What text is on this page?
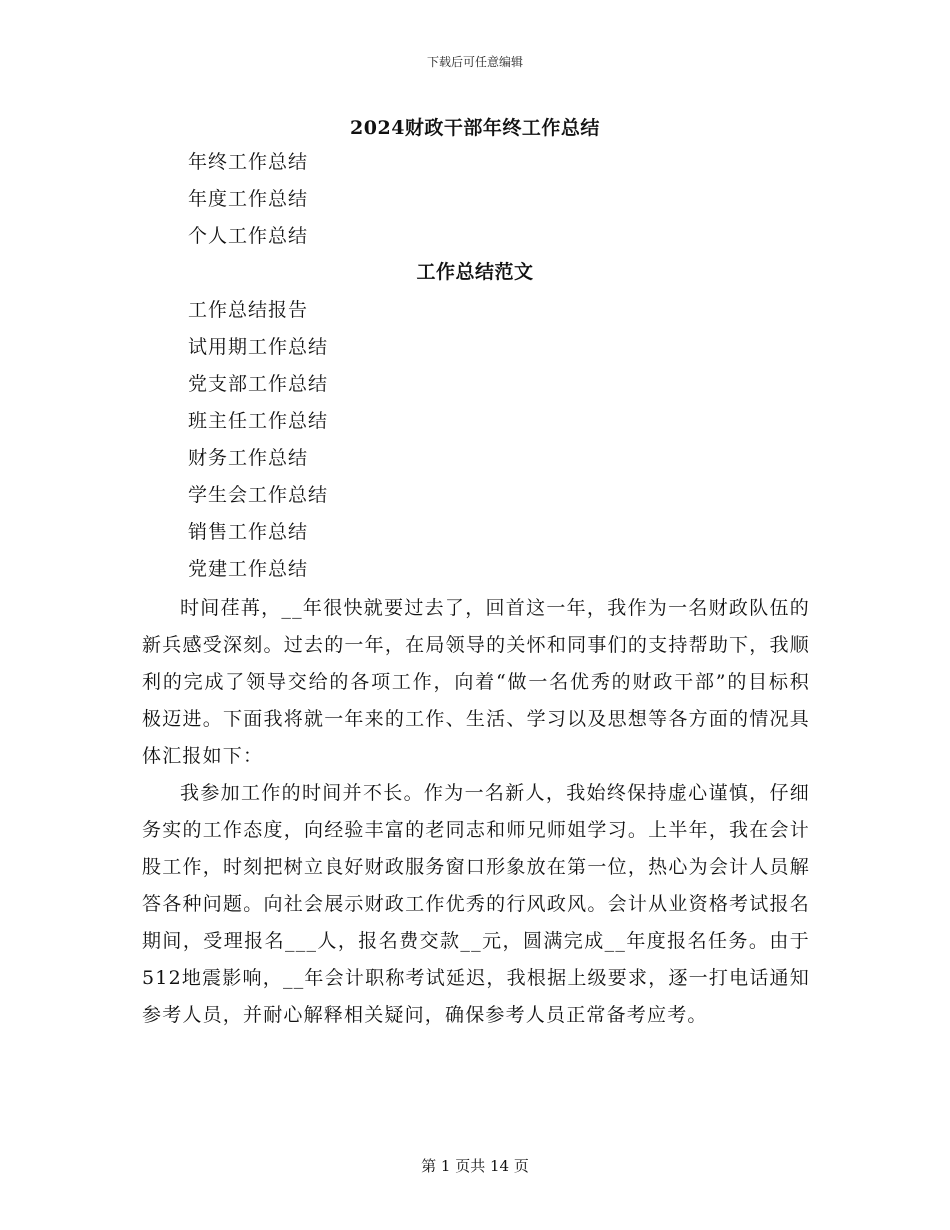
下载后可任意编辑
2024财政干部年终工作总结
年终工作总结
年度工作总结
个人工作总结
工作总结范文
工作总结报告
试用期工作总结
党支部工作总结
班主任工作总结
财务工作总结
学生会工作总结
销售工作总结
党建工作总结

时间荏苒，__年很快就要过去了，回首这一年，我作为一名财政队伍的新兵感受深刻。过去的一年，在局领导的关怀和同事们的支持帮助下，我顺利的完成了领导交给的各项工作，向着“做一名优秀的财政干部”的目标积极迈进。下面我将就一年来的工作、生活、学习以及思想等各方面的情况具体汇报如下：

我参加工作的时间并不长。作为一名新人，我始终保持虚心谨慎，仔细务实的工作态度，向经验丰富的老同志和师兄师姐学习。上半年，我在会计股工作，时刻把树立良好财政服务窗口形象放在第一位，热心为会计人员解答各种问题。向社会展示财政工作优秀的行风政风。会计从业资格考试报名期间，受理报名___人，报名费交款__元，圆满完成__年度报名任务。由于512地震影响，__年会计职称考试延迟，我根据上级要求，逐一打电话通知参考人员，并耐心解释相关疑问，确保参考人员正常备考应考。

第 1 页共 14 页
